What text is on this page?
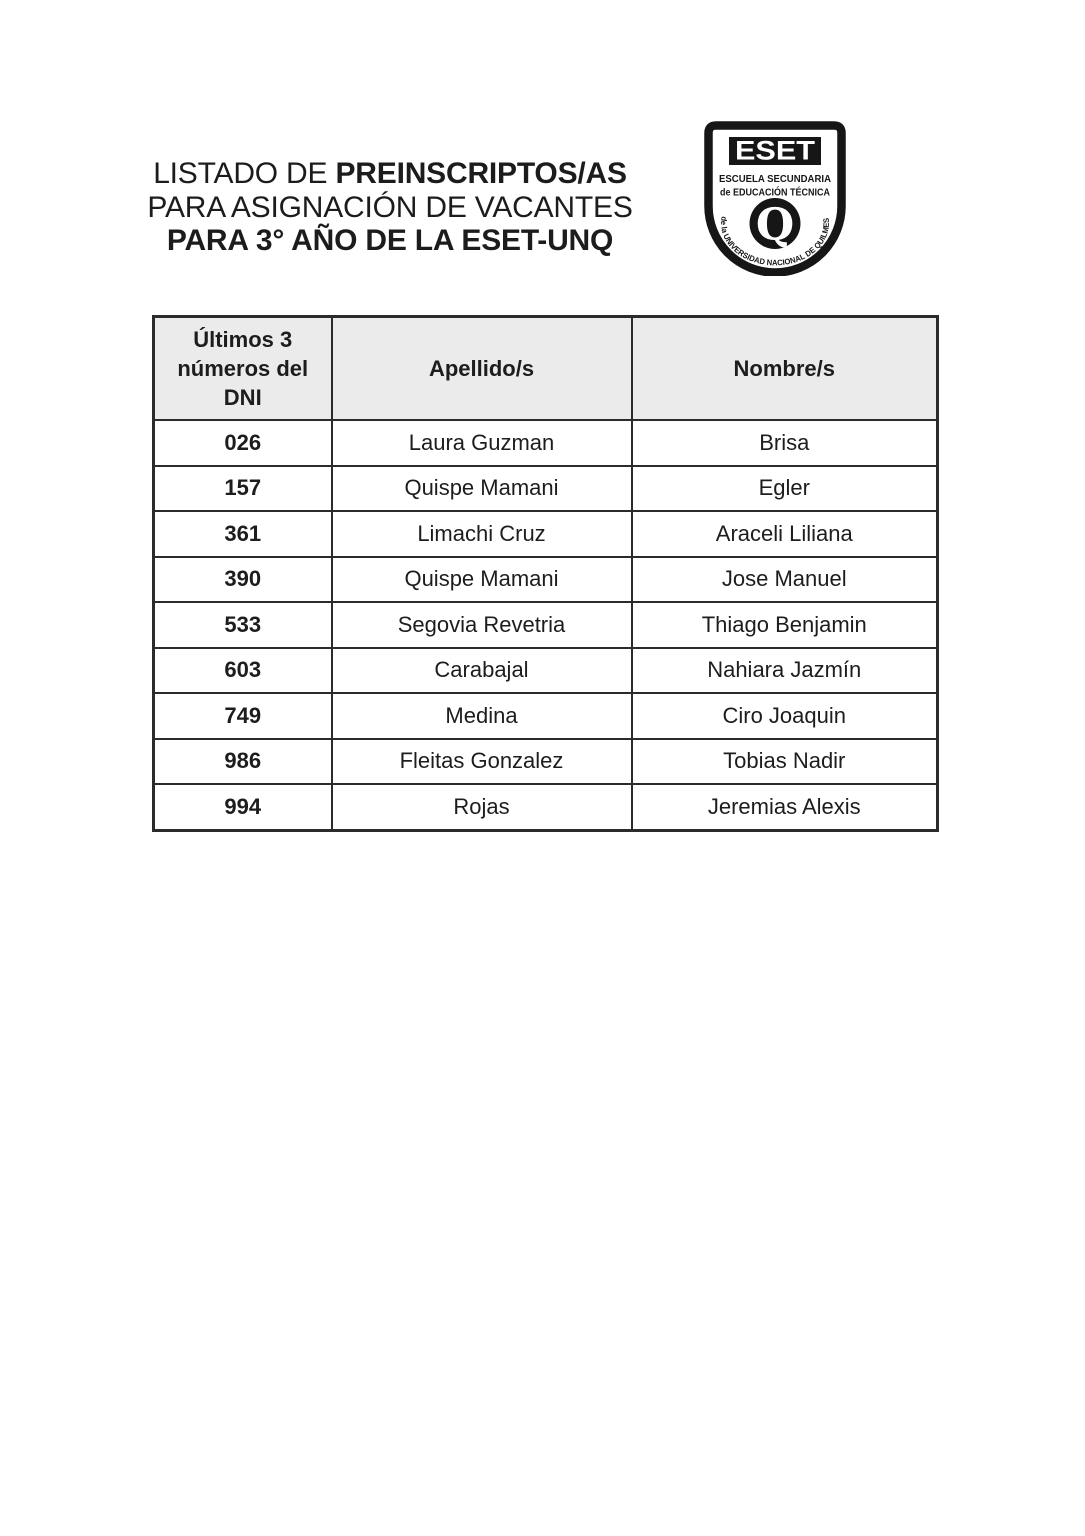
LISTADO DE PREINSCRIPTOS/AS
PARA ASIGNACIÓN DE VACANTES
PARA 3° AÑO DE LA ESET-UNQ
ESET
ESCUELA SECUNDARIA
de EDUCACIÓN TÉCNICA
Q
de la UNIVERSIDAD NACIONAL DE QUILMES
Últimos 3 números del DNI	Apellido/s	Nombre/s
026	Laura Guzman	Brisa
157	Quispe Mamani	Egler
361	Limachi Cruz	Araceli Liliana
390	Quispe Mamani	Jose Manuel
533	Segovia Revetria	Thiago Benjamin
603	Carabajal	Nahiara Jazmín
749	Medina	Ciro Joaquin
986	Fleitas Gonzalez	Tobias Nadir
994	Rojas	Jeremias Alexis
